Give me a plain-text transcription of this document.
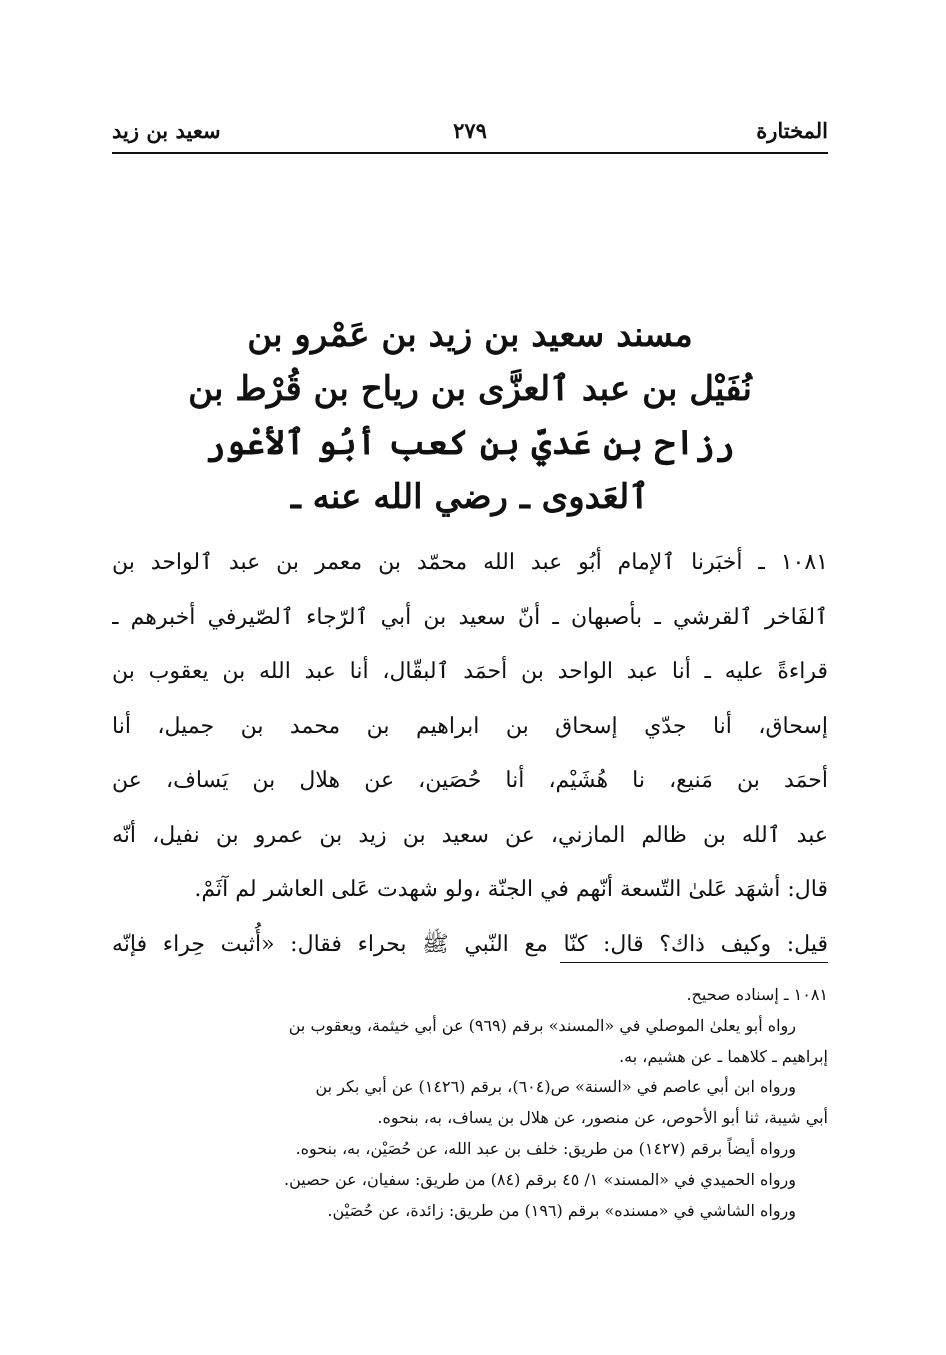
المختارة
٢٧٩
سعيد بن زيد
مسند سعيد بن زيد بن عَمْرو بن
نُفَيْل بن عبد ٱلعزَّى بن رياح بن قُرْط بن
رزاح بن عَديّ بن كعب أبُو ٱلأعْور
ٱلعَدوى ـ رضي الله عنه ـ
١٠٨١ ـ أخبَرنا ٱلإمام أبُو عبد الله محمّد بن معمر بن عبد ٱلواحد بن
ٱلفَاخر ٱلقرشي ـ بأصبهان ـ أنّ سعيد بن أبي ٱلرّجاء ٱلصّيرفي أخبرهم ـ
قراءةً عليه ـ أنا عبد الواحد بن أحمَد ٱلبقّال، أنا عبد الله بن يعقوب بن
إسحاق، أنا جدّي إسحاق بن ابراهيم بن محمد بن جميل، أنا
أحمَد بن مَنيع، نا هُشَيْم، أنا حُصَين، عن هلال بن يَساف، عن
عبد ٱلله بن ظالم المازني، عن سعيد بن زيد بن عمرو بن نفيل، أنّه
قال: أشهَد عَلىٰ التّسعة أنّهم في الجنّة ،ولو شهدت عَلى العاشر لم آثَمْ.
قيل: وكيف ذاك؟ قال: كنّا مع النّبي ﷺ بحراء فقال: «أُثبت حِراء فإنّه
١٠٨١ ـ إسناده صحيح.
رواه أبو يعلىٰ الموصلي في «المسند» برقم (٩٦٩) عن أبي خيثمة، ويعقوب بن
إبراهيم ـ كلاهما ـ عن هشيم، به.
ورواه ابن أبي عاصم في «السنة» ص(٦٠٤)، برقم (١٤٢٦) عن أبي بكر بن
أبي شيبة، ثنا أبو الأحوص، عن منصور، عن هلال بن يساف، به، بنحوه.
ورواه أيضاً برقم (١٤٢٧) من طريق: خلف بن عبد الله، عن حُصَيْن، به، بنحوه.
ورواه الحميدي في «المسند» ١/ ٤٥ برقم (٨٤) من طريق: سفيان، عن حصين.
ورواه الشاشي في «مسنده» برقم (١٩٦) من طريق: زائدة، عن حُصَيْن.
